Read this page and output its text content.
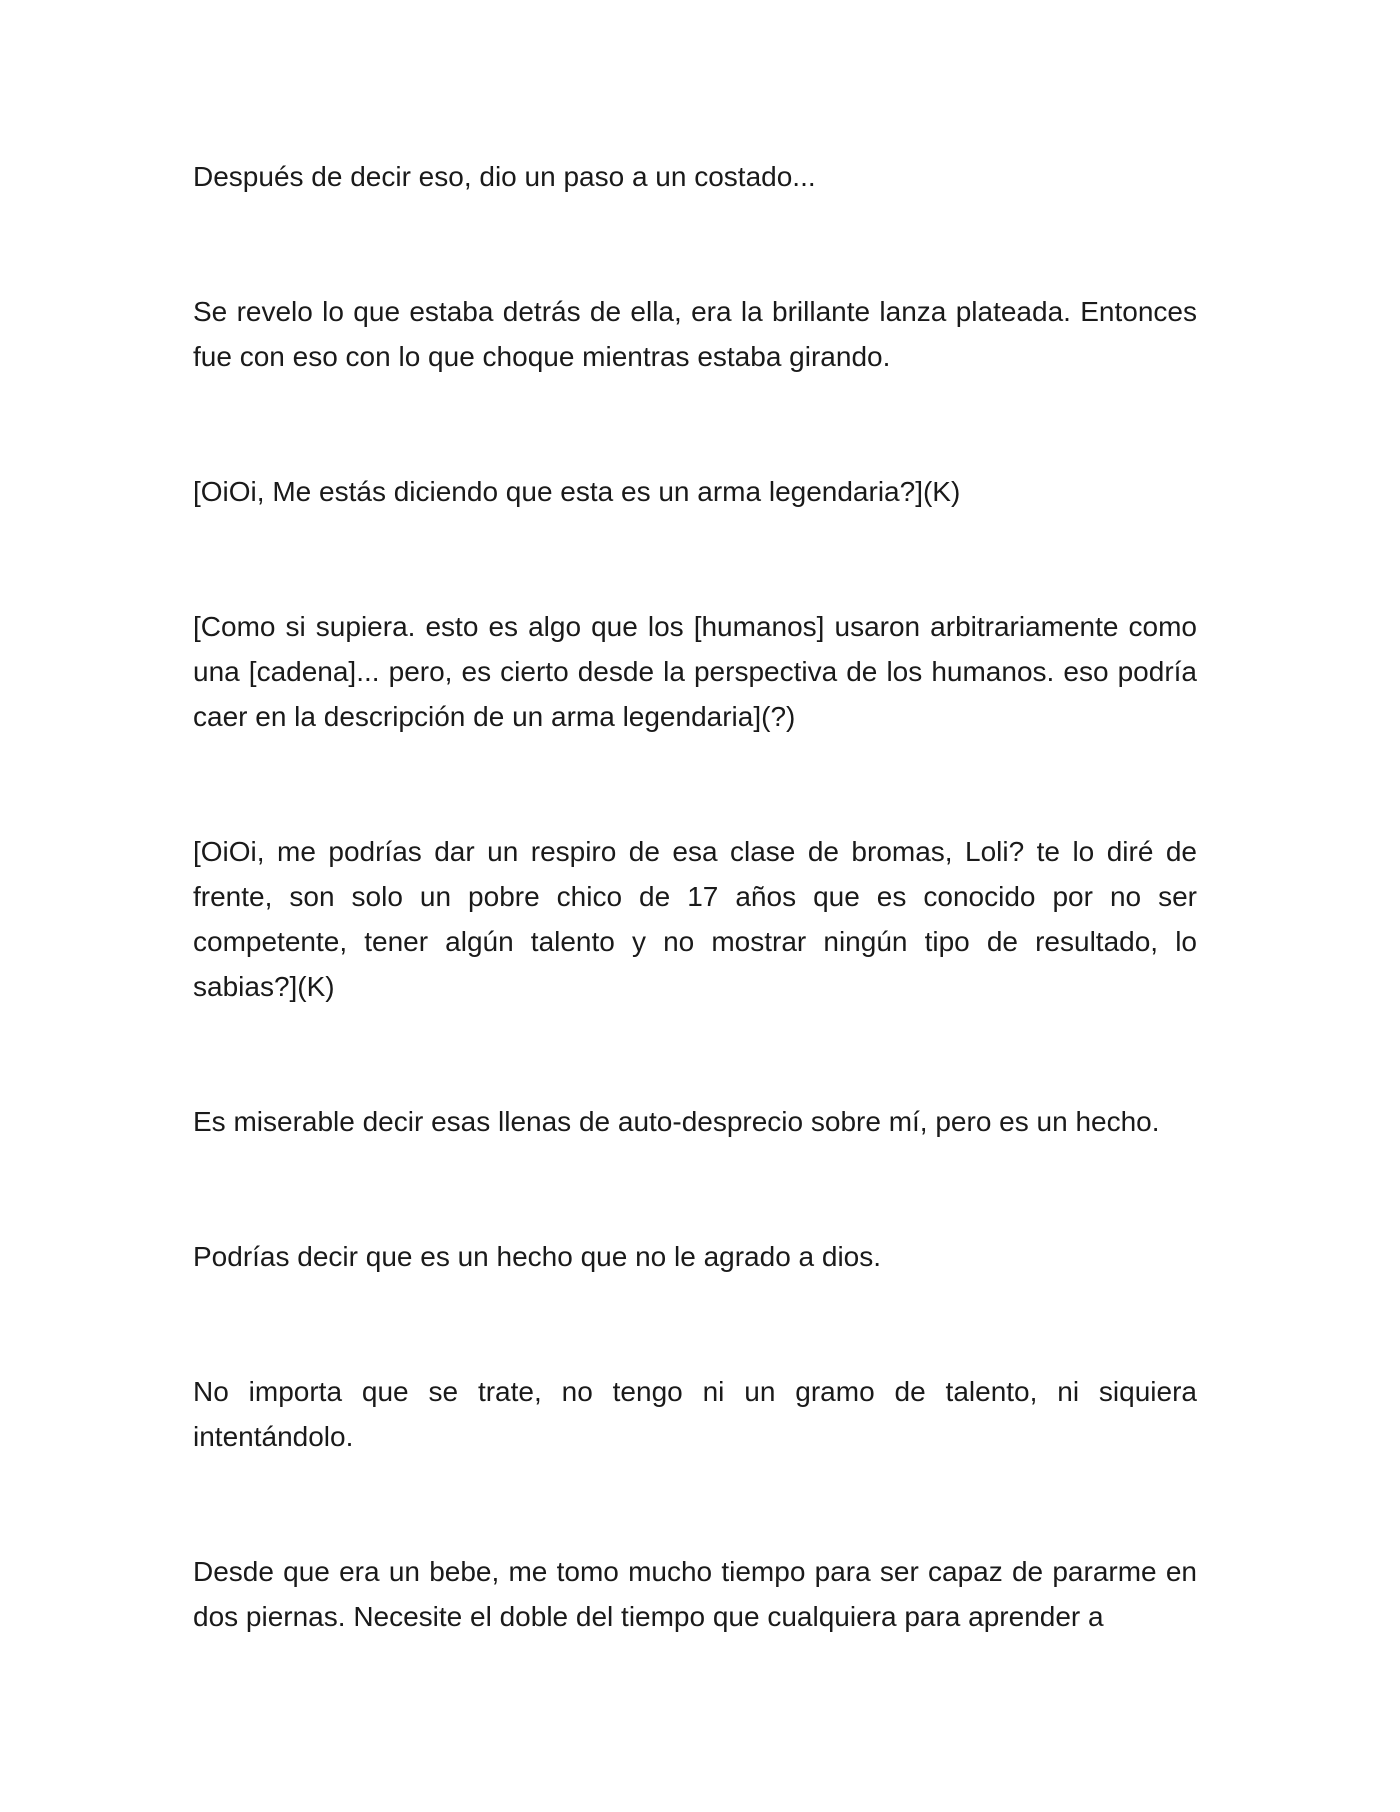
Después de decir eso, dio un paso a un costado...

Se revelo lo que estaba detrás de ella, era la brillante lanza plateada. Entonces fue con eso con lo que choque mientras estaba girando.

[OiOi, Me estás diciendo que esta es un arma legendaria?](K)

[Como si supiera. esto es algo que los [humanos] usaron arbitrariamente como una [cadena]... pero, es cierto desde la perspectiva de los humanos. eso podría caer en la descripción de un arma legendaria](?)

[OiOi, me podrías dar un respiro de esa clase de bromas, Loli? te lo diré de frente, son solo un pobre chico de 17 años que es conocido por no ser competente, tener algún talento y no mostrar ningún tipo de resultado, lo sabias?](K)

Es miserable decir esas llenas de auto-desprecio sobre mí, pero es un hecho.

Podrías decir que es un hecho que no le agrado a dios.

No importa que se trate, no tengo ni un gramo de talento, ni siquiera intentándolo.

Desde que era un bebe, me tomo mucho tiempo para ser capaz de pararme en dos piernas. Necesite el doble del tiempo que cualquiera para aprender a
